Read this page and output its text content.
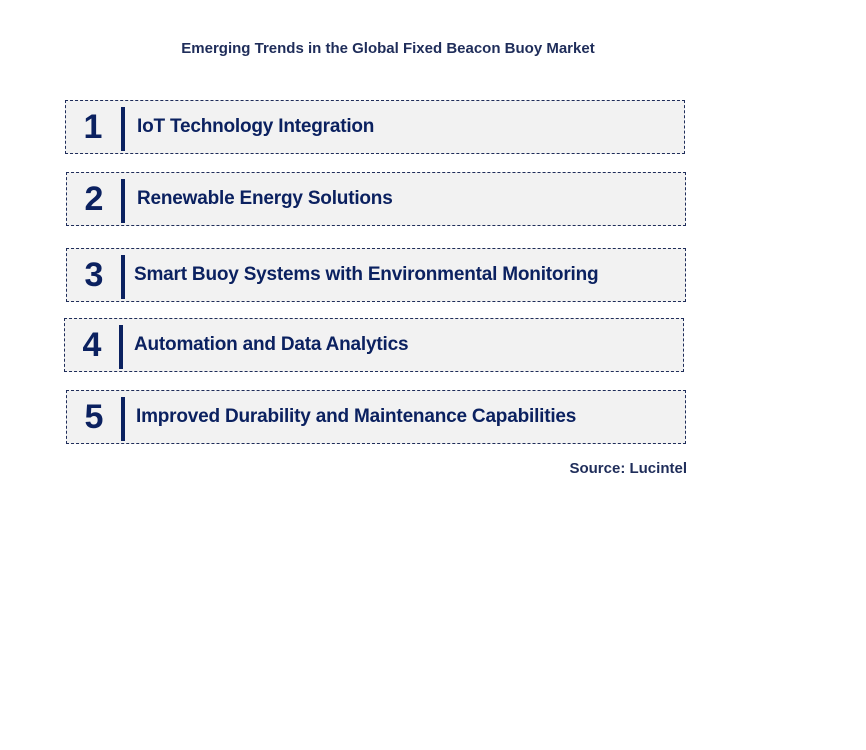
Emerging Trends in the Global Fixed Beacon Buoy Market
1	IoT Technology Integration
2	Renewable Energy Solutions
3	Smart Buoy Systems with Environmental Monitoring
4	Automation and Data Analytics
5	Improved Durability and Maintenance Capabilities
Source: Lucintel
